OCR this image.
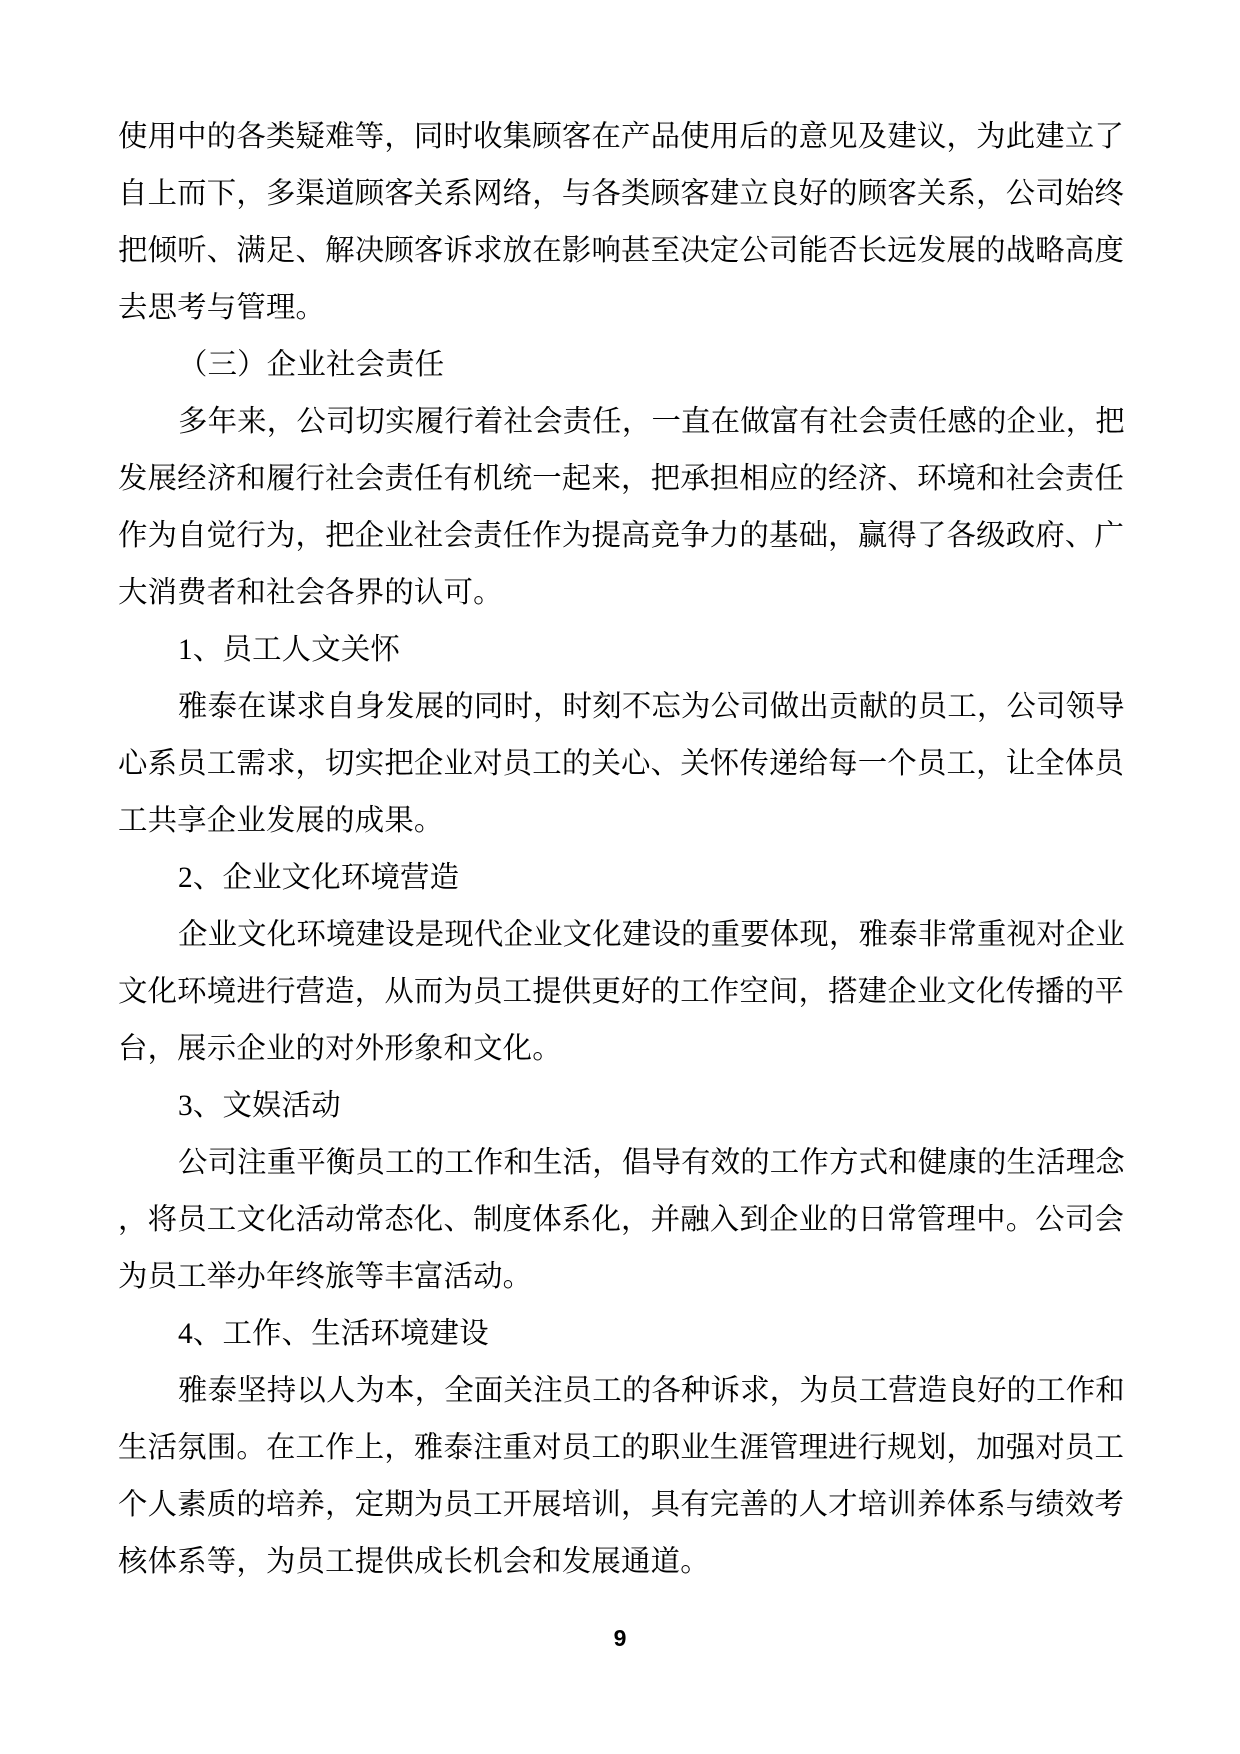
使用中的各类疑难等，同时收集顾客在产品使用后的意见及建议，为此建立了
自上而下，多渠道顾客关系网络，与各类顾客建立良好的顾客关系，公司始终
把倾听、满足、解决顾客诉求放在影响甚至决定公司能否长远发展的战略高度
去思考与管理。
（三）企业社会责任
多年来，公司切实履行着社会责任，一直在做富有社会责任感的企业，把
发展经济和履行社会责任有机统一起来，把承担相应的经济、环境和社会责任
作为自觉行为，把企业社会责任作为提高竞争力的基础，赢得了各级政府、广
大消费者和社会各界的认可。
1、员工人文关怀
雅泰在谋求自身发展的同时，时刻不忘为公司做出贡献的员工，公司领导
心系员工需求，切实把企业对员工的关心、关怀传递给每一个员工，让全体员
工共享企业发展的成果。
2、企业文化环境营造
企业文化环境建设是现代企业文化建设的重要体现，雅泰非常重视对企业
文化环境进行营造，从而为员工提供更好的工作空间，搭建企业文化传播的平
台，展示企业的对外形象和文化。
3、文娱活动
公司注重平衡员工的工作和生活，倡导有效的工作方式和健康的生活理念
，将员工文化活动常态化、制度体系化，并融入到企业的日常管理中。公司会
为员工举办年终旅等丰富活动。
4、工作、生活环境建设
雅泰坚持以人为本，全面关注员工的各种诉求，为员工营造良好的工作和
生活氛围。在工作上，雅泰注重对员工的职业生涯管理进行规划，加强对员工
个人素质的培养，定期为员工开展培训，具有完善的人才培训养体系与绩效考
核体系等，为员工提供成长机会和发展通道。
9
